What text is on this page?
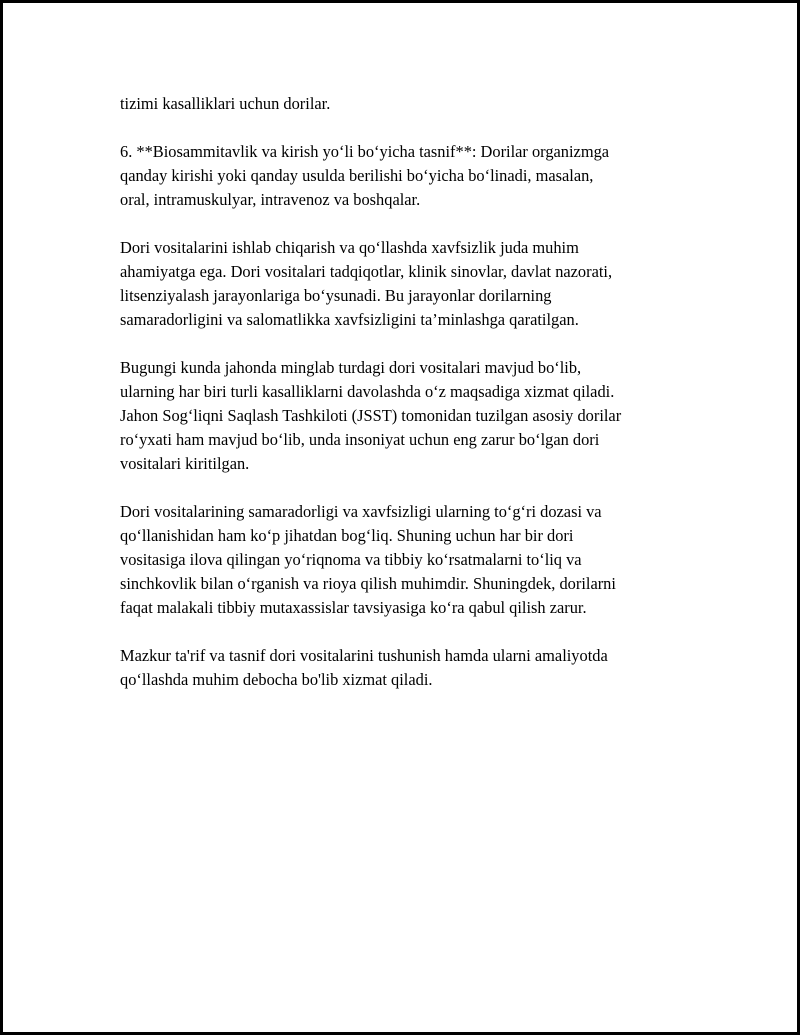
tizimi kasalliklari uchun dorilar.

6. **Biosammitavlik va kirish yo‘li bo‘yicha tasnif**: Dorilar organizmga
qanday kirishi yoki qanday usulda berilishi bo‘yicha bo‘linadi, masalan,
oral, intramuskulyar, intravenoz va boshqalar.

Dori vositalarini ishlab chiqarish va qo‘llashda xavfsizlik juda muhim
ahamiyatga ega. Dori vositalari tadqiqotlar, klinik sinovlar, davlat nazorati,
litsenziyalash jarayonlariga bo‘ysunadi. Bu jarayonlar dorilarning
samaradorligini va salomatlikka xavfsizligini ta’minlashga qaratilgan.

Bugungi kunda jahonda minglab turdagi dori vositalari mavjud bo‘lib,
ularning har biri turli kasalliklarni davolashda o‘z maqsadiga xizmat qiladi.
Jahon Sog‘liqni Saqlash Tashkiloti (JSST) tomonidan tuzilgan asosiy dorilar
ro‘yxati ham mavjud bo‘lib, unda insoniyat uchun eng zarur bo‘lgan dori
vositalari kiritilgan.

Dori vositalarining samaradorligi va xavfsizligi ularning to‘g‘ri dozasi va
qo‘llanishidan ham ko‘p jihatdan bog‘liq. Shuning uchun har bir dori
vositasiga ilova qilingan yo‘riqnoma va tibbiy ko‘rsatmalarni to‘liq va
sinchkovlik bilan o‘rganish va rioya qilish muhimdir. Shuningdek, dorilarni
faqat malakali tibbiy mutaxassislar tavsiyasiga ko‘ra qabul qilish zarur.

Mazkur ta'rif va tasnif dori vositalarini tushunish hamda ularni amaliyotda
qo‘llashda muhim debocha bo'lib xizmat qiladi.
